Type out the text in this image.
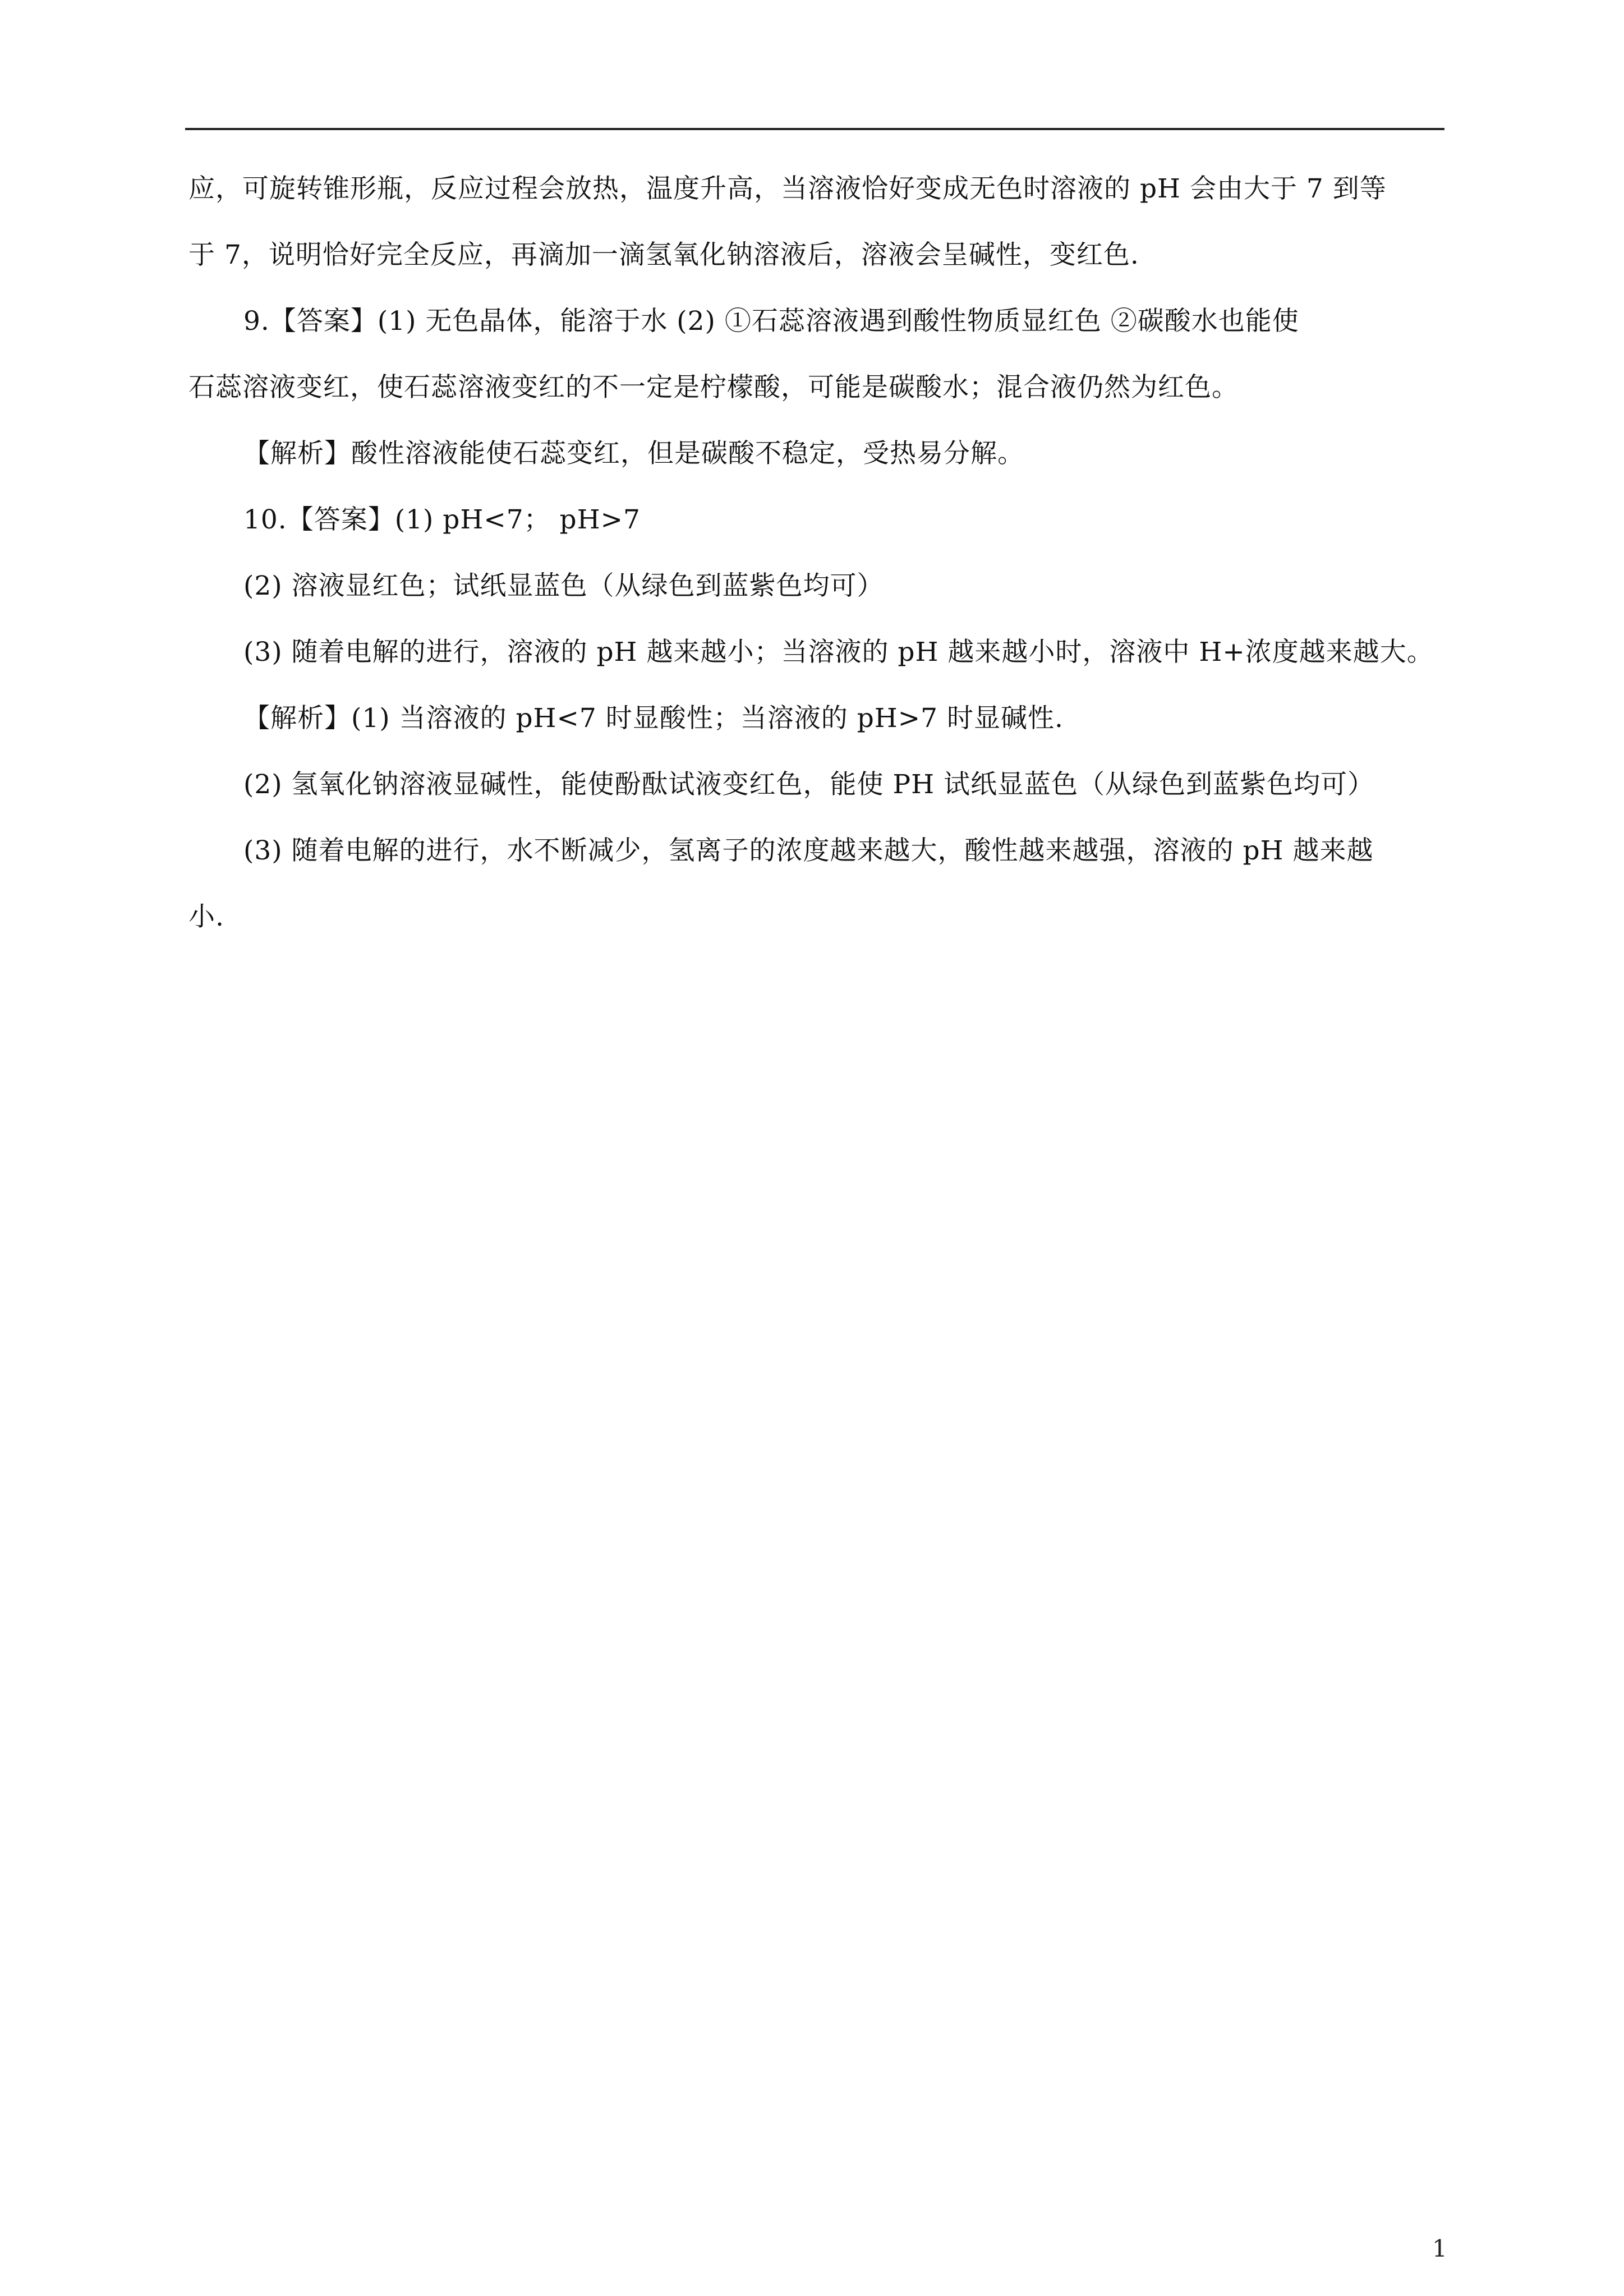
应，可旋转锥形瓶，反应过程会放热，温度升高，当溶液恰好变成无色时溶液的 pH 会由大于 7 到等
于 7，说明恰好完全反应，再滴加一滴氢氧化钠溶液后，溶液会呈碱性，变红色.
9.【答案】(1) 无色晶体，能溶于水 (2) ①石蕊溶液遇到酸性物质显红色 ②碳酸水也能使
石蕊溶液变红，使石蕊溶液变红的不一定是柠檬酸，可能是碳酸水；混合液仍然为红色。
【解析】酸性溶液能使石蕊变红，但是碳酸不稳定，受热易分解。
10.【答案】(1) pH<7； pH>7
(2) 溶液显红色；试纸显蓝色（从绿色到蓝紫色均可）
(3) 随着电解的进行，溶液的 pH 越来越小；当溶液的 pH 越来越小时，溶液中 H+浓度越来越大。
【解析】(1) 当溶液的 pH<7 时显酸性；当溶液的 pH>7 时显碱性.
(2) 氢氧化钠溶液显碱性，能使酚酞试液变红色，能使 PH 试纸显蓝色（从绿色到蓝紫色均可）
(3) 随着电解的进行，水不断减少，氢离子的浓度越来越大，酸性越来越强，溶液的 pH 越来越
小.
1
